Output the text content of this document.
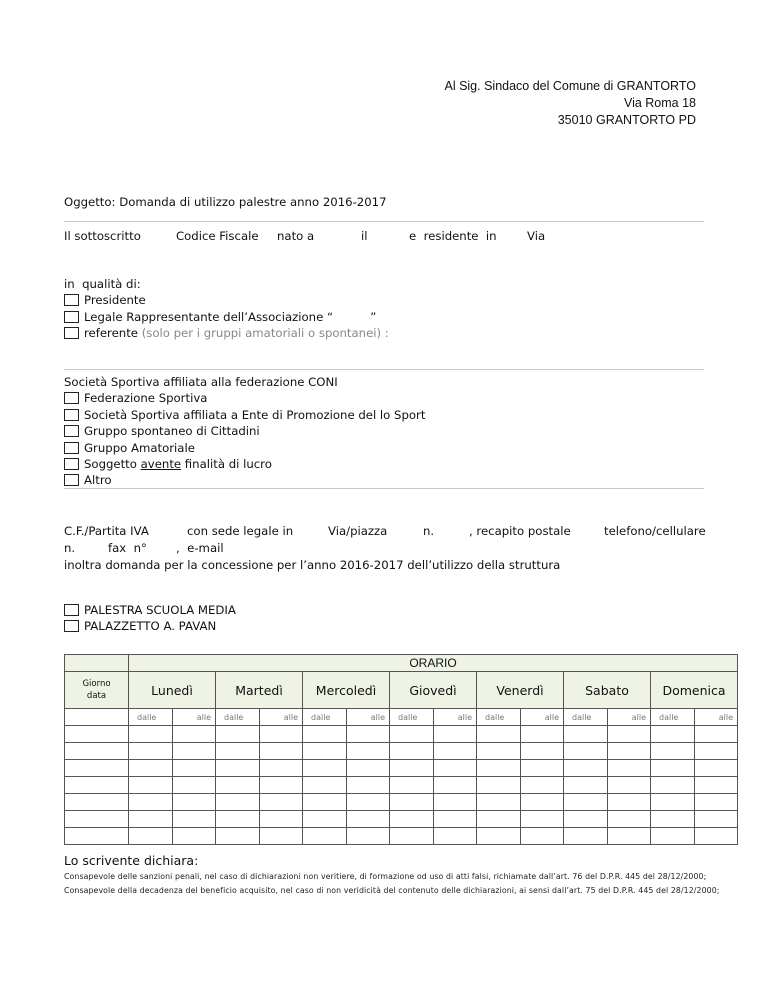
Al Sig. Sindaco del Comune di GRANTORTO
Via Roma 18
35010 GRANTORTO PD
Oggetto: Domanda di utilizzo palestre anno 2016-2017
Il sottoscritto	Codice Fiscale nato a	il	e  residente  in	Via
in  qualità di:
Presidente
Legale Rappresentante dell’Associazione “          ”
referente (solo per i gruppi amatoriali o spontanei) :
Società Sportiva affiliata alla federazione CONI
Federazione Sportiva
Società Sportiva affiliata a Ente di Promozione del lo Sport
Gruppo spontaneo di Cittadini
Gruppo Amatoriale
Soggetto avente finalità di lucro
Altro
C.F./Partita IVA	con sede legale in	Via/piazza	n.	, recapito postale	telefono/cellulare
n.	fax  n° ,  e-mail
inoltra domanda per la concessione per l’anno 2016-2017 dell’utilizzo della struttura
PALESTRA SCUOLA MEDIA
PALAZZETTO A. PAVAN
	ORARIO													
Giorno
data	Lunedì		Martedì		Mercoledì		Giovedì		Venerdì		Sabato		Domenica	
	dalle	alle	dalle	alle	dalle	alle	dalle	alle	dalle	alle	dalle	alle	dalle	alle

Lo scrivente dichiara:
Consapevole delle sanzioni penali, nel caso di dichiarazioni non veritiere, di formazione od uso di atti falsi, richiamate dall’art. 76 del D.P.R. 445 del 28/12/2000;
Consapevole della decadenza del beneficio acquisito, nel caso di non veridicità del contenuto delle dichiarazioni, ai sensi dall’art. 75 del D.P.R. 445 del 28/12/2000;
